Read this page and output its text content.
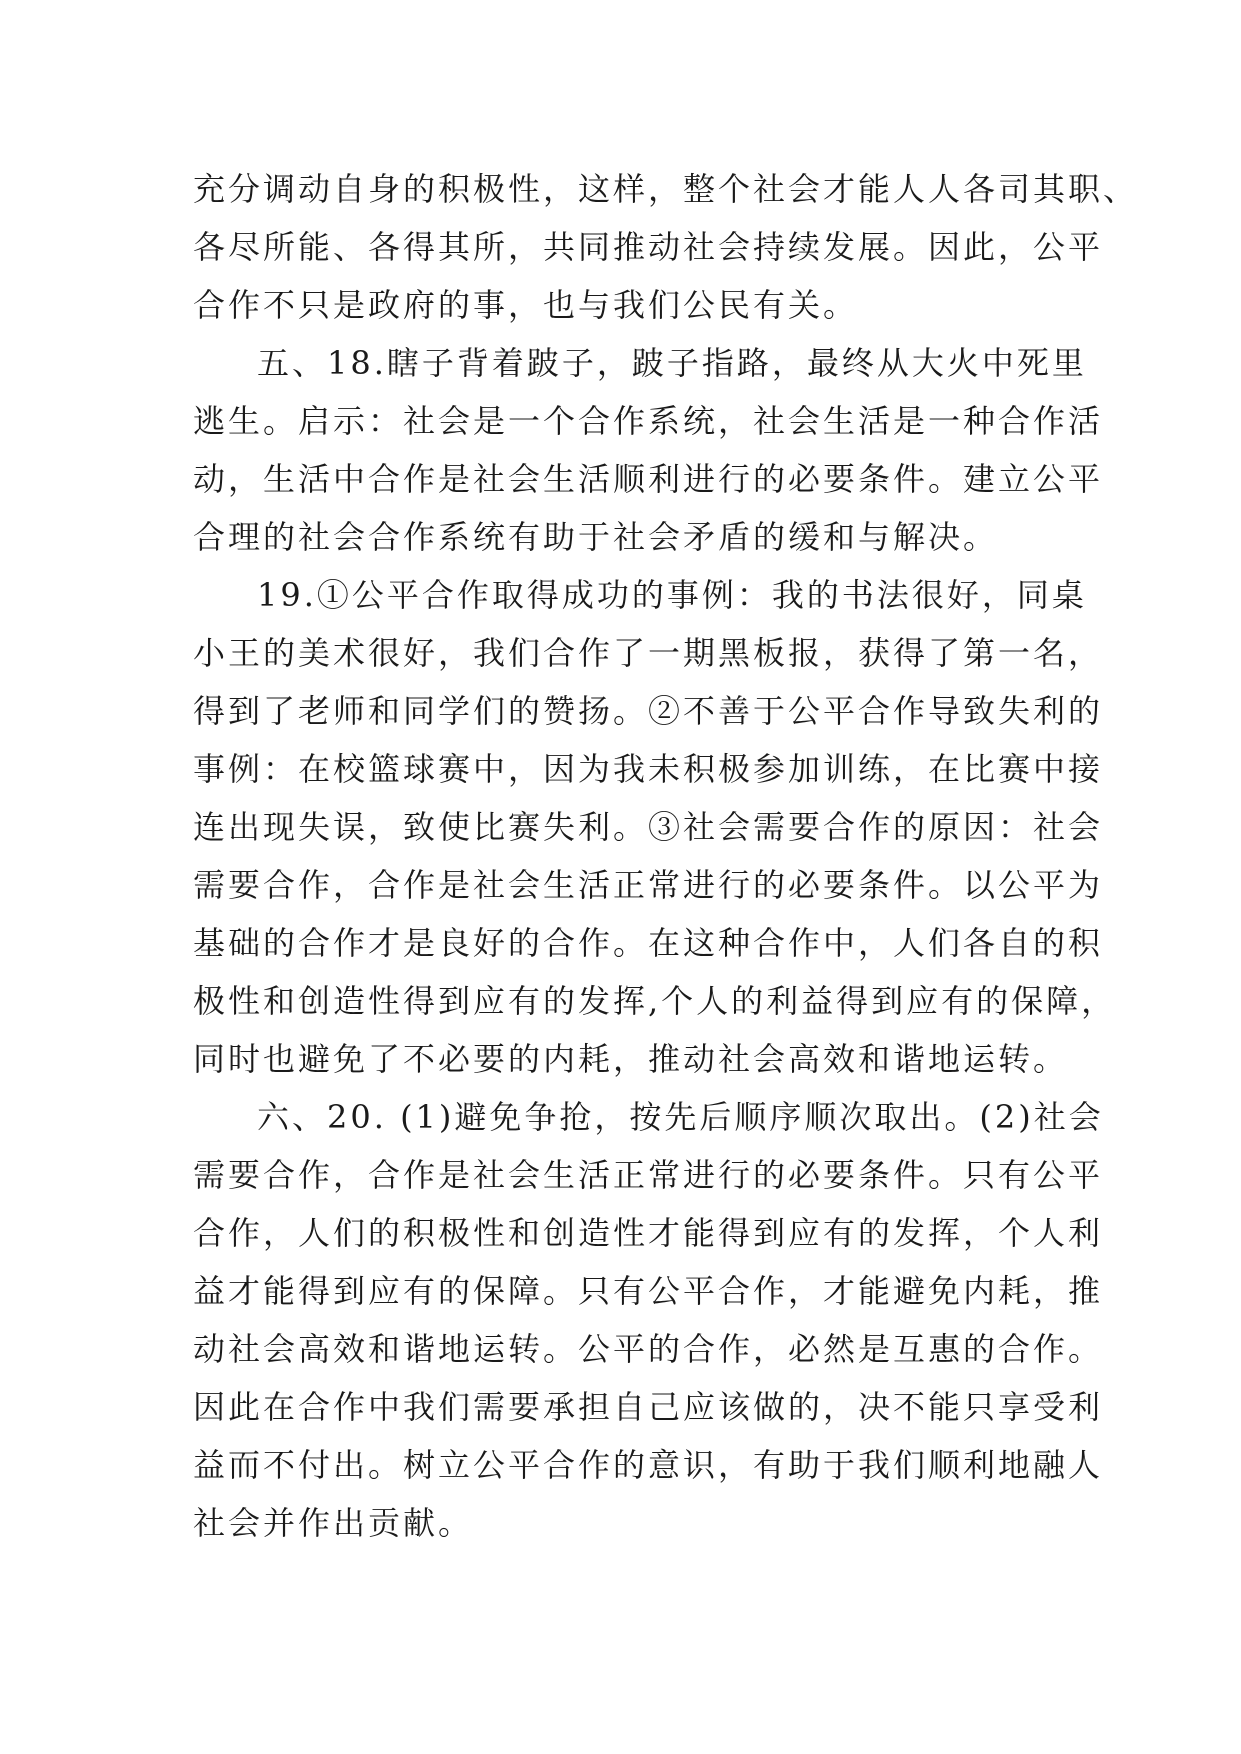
充分调动自身的积极性，这样，整个社会才能人人各司其职、
各尽所能、各得其所，共同推动社会持续发展。因此，公平
合作不只是政府的事，也与我们公民有关。
五、18.瞎子背着跛子，跛子指路，最终从大火中死里
逃生。启示：社会是一个合作系统，社会生活是一种合作活
动，生活中合作是社会生活顺利进行的必要条件。建立公平
合理的社会合作系统有助于社会矛盾的缓和与解决。
19.①公平合作取得成功的事例：我的书法很好，同桌
小王的美术很好，我们合作了一期黑板报，获得了第一名，
得到了老师和同学们的赞扬。②不善于公平合作导致失利的
事例：在校篮球赛中，因为我未积极参加训练，在比赛中接
连出现失误，致使比赛失利。③社会需要合作的原因：社会
需要合作，合作是社会生活正常进行的必要条件。以公平为
基础的合作才是良好的合作。在这种合作中，人们各自的积
极性和创造性得到应有的发挥,个人的利益得到应有的保障，
同时也避免了不必要的内耗，推动社会高效和谐地运转。
六、20. (1)避免争抢，按先后顺序顺次取出。(2)社会
需要合作，合作是社会生活正常进行的必要条件。只有公平
合作，人们的积极性和创造性才能得到应有的发挥，个人利
益才能得到应有的保障。只有公平合作，才能避免内耗，推
动社会高效和谐地运转。公平的合作，必然是互惠的合作。
因此在合作中我们需要承担自己应该做的，决不能只享受利
益而不付出。树立公平合作的意识，有助于我们顺利地融人
社会并作出贡献。
